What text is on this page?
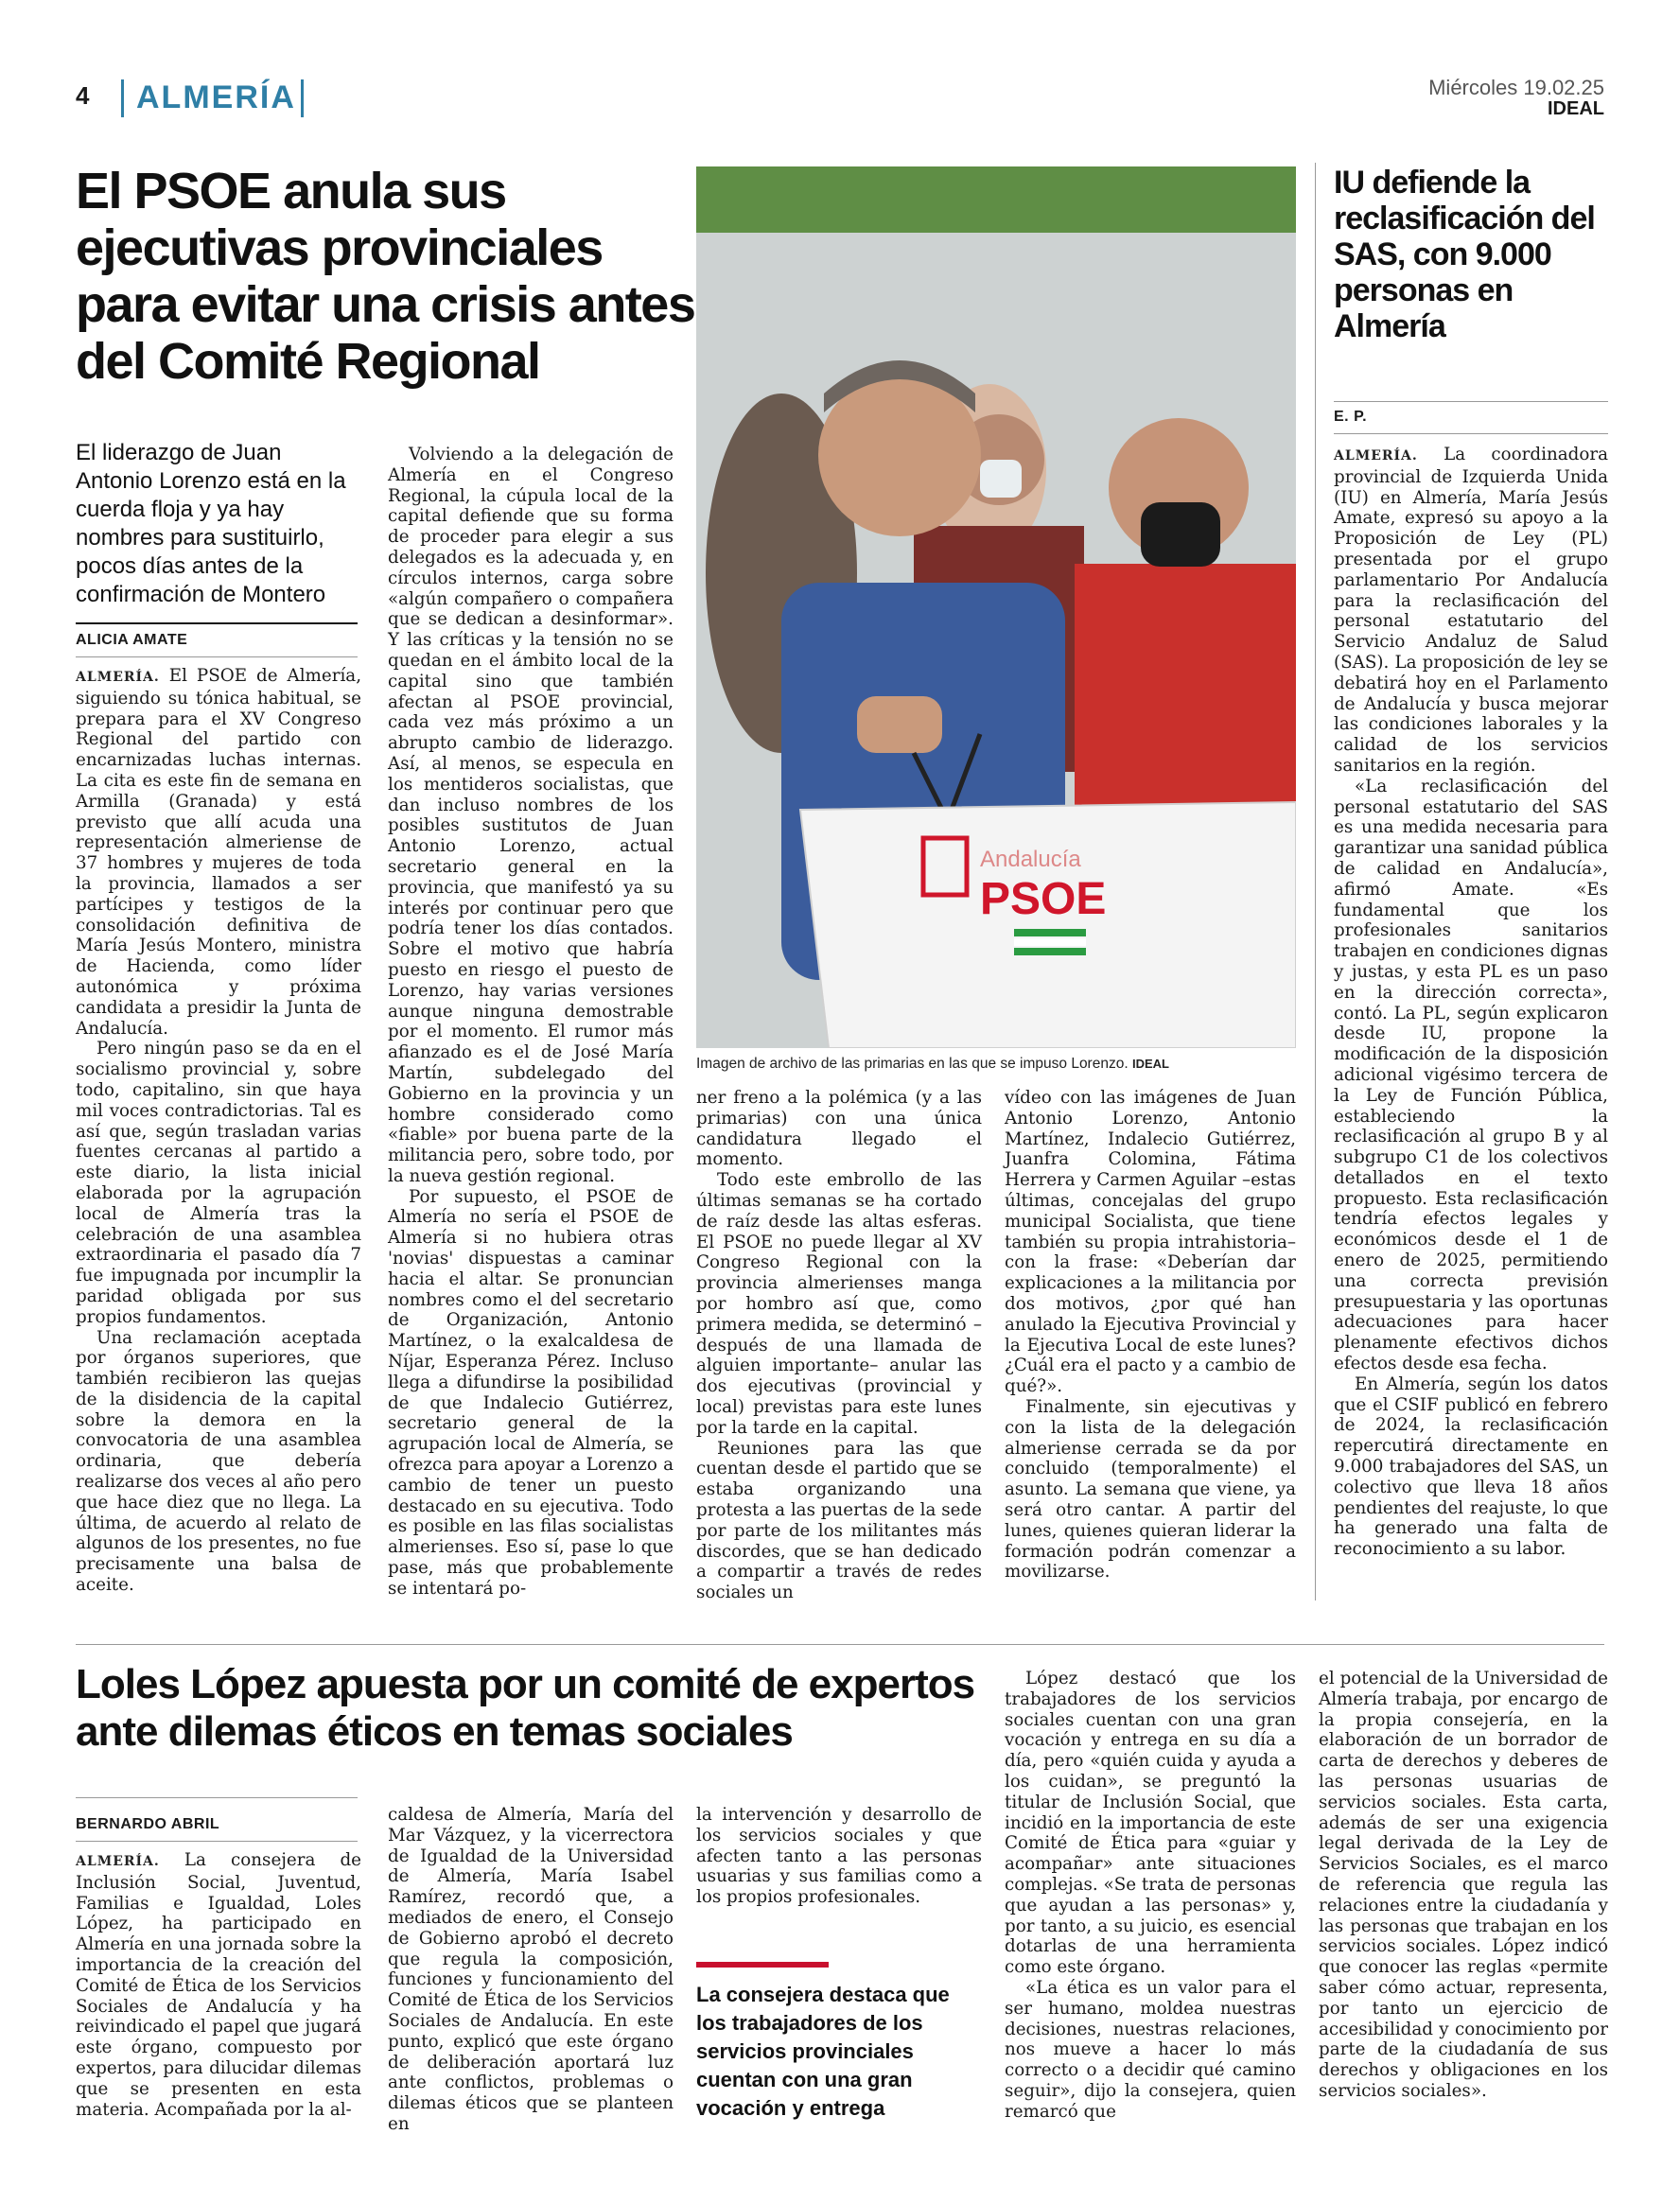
4 ALMERÍA	Miércoles 19.02.25
IDEAL
El PSOE anula sus ejecutivas provinciales para evitar una crisis antes del Comité Regional
El liderazgo de Juan Antonio Lorenzo está en la cuerda floja y ya hay nombres para sustituirlo, pocos días antes de la confirmación de Montero
ALICIA AMATE

ALMERÍA. El PSOE de Almería, siguiendo su tónica habitual, se prepara para el XV Congreso Regional del partido con encarnizadas luchas internas. La cita es este fin de semana en Armilla (Granada) y está previsto que allí acuda una representación almeriense de 37 hombres y mujeres de toda la provincia, llamados a ser partícipes y testigos de la consolidación definitiva de María Jesús Montero, ministra de Hacienda, como líder autonómica y próxima candidata a presidir la Junta de Andalucía.

Pero ningún paso se da en el socialismo provincial y, sobre todo, capitalino, sin que haya mil voces contradictorias. Tal es así que, según trasladan varias fuentes cercanas al partido a este diario, la lista inicial elaborada por la agrupación local de Almería tras la celebración de una asamblea extraordinaria el pasado día 7 fue impugnada por incumplir la paridad obligada por sus propios fundamentos.

Una reclamación aceptada por órganos superiores, que también recibieron las quejas de la disidencia de la capital sobre la demora en la convocatoria de una asamblea ordinaria, que debería realizarse dos veces al año pero que hace diez que no llega. La última, de acuerdo al relato de algunos de los presentes, no fue precisamente una balsa de aceite.

Volviendo a la delegación de Almería en el Congreso Regional, la cúpula local de la capital defiende que su forma de proceder para elegir a sus delegados es la adecuada y, en círculos internos, carga sobre «algún compañero o compañera que se dedican a desinformar». Y las críticas y la tensión no se quedan en el ámbito local de la capital sino que también afectan al PSOE provincial, cada vez más próximo a un abrupto cambio de liderazgo. Así, al menos, se especula en los mentideros socialistas, que dan incluso nombres de los posibles sustitutos de Juan Antonio Lorenzo, actual secretario general en la provincia, que manifestó ya su interés por continuar pero que podría tener los días contados. Sobre el motivo que habría puesto en riesgo el puesto de Lorenzo, hay varias versiones aunque ninguna demostrable por el momento. El rumor más afianzado es el de José María Martín, subdelegado del Gobierno en la provincia y un hombre considerado como «fiable» por buena parte de la militancia pero, sobre todo, por la nueva gestión regional.

Por supuesto, el PSOE de Almería no sería el PSOE de Almería si no hubiera otras 'novias' dispuestas a caminar hacia el altar. Se pronuncian nombres como el del secretario de Organización, Antonio Martínez, o la exalcaldesa de Níjar, Esperanza Pérez. Incluso llega a difundirse la posibilidad de que Indalecio Gutiérrez, secretario general de la agrupación local de Almería, se ofrezca para apoyar a Lorenzo a cambio de tener un puesto destacado en su ejecutiva. Todo es posible en las filas socialistas almerienses. Eso sí, pase lo que pase, más que probablemente se intentará po-

ner freno a la polémica (y a las primarias) con una única candidatura llegado el momento.

Todo este embrollo de las últimas semanas se ha cortado de raíz desde las altas esferas. El PSOE no puede llegar al XV Congreso Regional con la provincia almerienses manga por hombro así que, como primera medida, se determinó –después de una llamada de alguien importante– anular las dos ejecutivas (provincial y local) previstas para este lunes por la tarde en la capital.

Reuniones para las que cuentan desde el partido que se estaba organizando una protesta a las puertas de la sede por parte de los militantes más discordes, que se han dedicado a compartir a través de redes sociales un

vídeo con las imágenes de Juan Antonio Lorenzo, Antonio Martínez, Indalecio Gutiérrez, Juanfra Colomina, Fátima Herrera y Carmen Aguilar –estas últimas, concejalas del grupo municipal Socialista, que tiene también su propia intrahistoria– con la frase: «Deberían dar explicaciones a la militancia por dos motivos, ¿por qué han anulado la Ejecutiva Provincial y la Ejecutiva Local de este lunes? ¿Cuál era el pacto y a cambio de qué?».

Finalmente, sin ejecutivas y con la lista de la delegación almeriense cerrada se da por concluido (temporalmente) el asunto. La semana que viene, ya será otro cantar. A partir del lunes, quienes quieran liderar la formación podrán comenzar a movilizarse.

Andalucía
PSOE
Imagen de archivo de las primarias en las que se impuso Lorenzo. IDEAL
IU defiende la reclasificación del SAS, con 9.000 personas en Almería
E. P.

ALMERÍA. La coordinadora provincial de Izquierda Unida (IU) en Almería, María Jesús Amate, expresó su apoyo a la Proposición de Ley (PL) presentada por el grupo parlamentario Por Andalucía para la reclasificación del personal estatutario del Servicio Andaluz de Salud (SAS). La proposición de ley se debatirá hoy en el Parlamento de Andalucía y busca mejorar las condiciones laborales y la calidad de los servicios sanitarios en la región.

«La reclasificación del personal estatutario del SAS es una medida necesaria para garantizar una sanidad pública de calidad en Andalucía», afirmó Amate. «Es fundamental que los profesionales sanitarios trabajen en condiciones dignas y justas, y esta PL es un paso en la dirección correcta», contó. La PL, según explicaron desde IU, propone la modificación de la disposición adicional vigésimo tercera de la Ley de Función Pública, estableciendo la reclasificación al grupo B y al subgrupo C1 de los colectivos detallados en el texto propuesto. Esta reclasificación tendría efectos legales y económicos desde el 1 de enero de 2025, permitiendo una correcta previsión presupuestaria y las oportunas adecuaciones para hacer plenamente efectivos dichos efectos desde esa fecha.

En Almería, según los datos que el CSIF publicó en febrero de 2024, la reclasificación repercutirá directamente en 9.000 trabajadores del SAS, un colectivo que lleva 18 años pendientes del reajuste, lo que ha generado una falta de reconocimiento a su labor.

Loles López apuesta por un comité de expertos ante dilemas éticos en temas sociales
BERNARDO ABRIL

ALMERÍA. La consejera de Inclusión Social, Juventud, Familias e Igualdad, Loles López, ha participado en Almería en una jornada sobre la importancia de la creación del Comité de Ética de los Servicios Sociales de Andalucía y ha reivindicado el papel que jugará este órgano, compuesto por expertos, para dilucidar dilemas que se presenten en esta materia. Acompañada por la al-

caldesa de Almería, María del Mar Vázquez, y la vicerrectora de Igualdad de la Universidad de Almería, María Isabel Ramírez, recordó que, a mediados de enero, el Consejo de Gobierno aprobó el decreto que regula la composición, funciones y funcionamiento del Comité de Ética de los Servicios Sociales de Andalucía. En este punto, explicó que este órgano de deliberación aportará luz ante conflictos, problemas o dilemas éticos que se planteen en

la intervención y desarrollo de los servicios sociales y que afecten tanto a las personas usuarias y sus familias como a los propios profesionales.

La consejera destaca que los trabajadores de los servicios provinciales cuentan con una gran vocación y entrega

López destacó que los trabajadores de los servicios sociales cuentan con una gran vocación y entrega en su día a día, pero «quién cuida y ayuda a los cuidan», se preguntó la titular de Inclusión Social, que incidió en la importancia de este Comité de Ética para «guiar y acompañar» ante situaciones complejas. «Se trata de personas que ayudan a las personas» y, por tanto, a su juicio, es esencial dotarlas de una herramienta como este órgano.

«La ética es un valor para el ser humano, moldea nuestras decisiones, nuestras relaciones, nos mueve a hacer lo más correcto o a decidir qué camino seguir», dijo la consejera, quien remarcó que

el potencial de la Universidad de Almería trabaja, por encargo de la propia consejería, en la elaboración de un borrador de carta de derechos y deberes de las personas usuarias de servicios sociales. Esta carta, además de ser una exigencia legal derivada de la Ley de Servicios Sociales, es el marco de referencia que regula las relaciones entre la ciudadanía y las personas que trabajan en los servicios sociales. López indicó que conocer las reglas «permite saber cómo actuar, representa, por tanto un ejercicio de accesibilidad y conocimiento por parte de la ciudadanía de sus derechos y obligaciones en los servicios sociales».
